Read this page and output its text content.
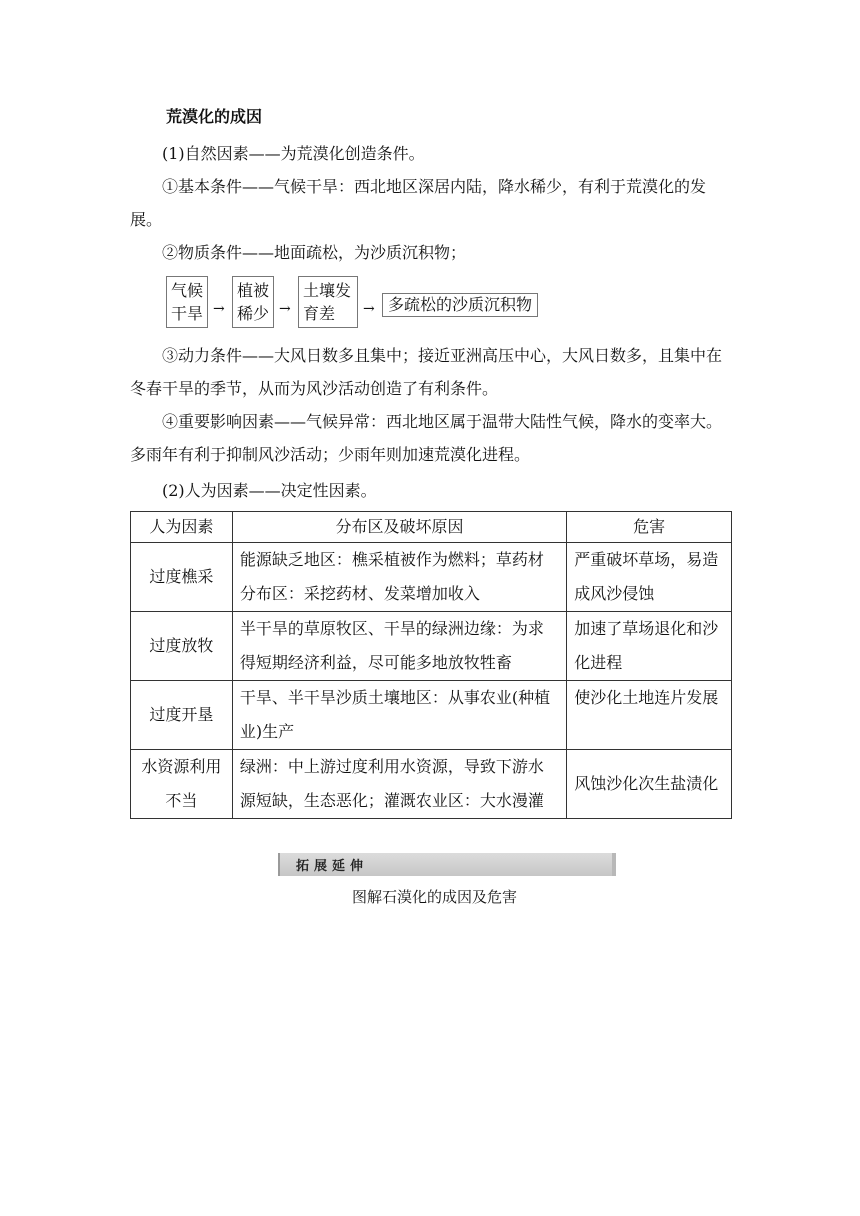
荒漠化的成因
(1)自然因素——为荒漠化创造条件。
①基本条件——气候干旱：西北地区深居内陆，降水稀少，有利于荒漠化的发展。
②物质条件——地面疏松，为沙质沉积物；
气候干旱 →
植被稀少 →
土壤发育差	→ 多疏松的沙质沉积物
③动力条件——大风日数多且集中；接近亚洲高压中心，大风日数多，且集中在冬春干旱的季节，从而为风沙活动创造了有利条件。
④重要影响因素——气候异常：西北地区属于温带大陆性气候，降水的变率大。多雨年有利于抑制风沙活动；少雨年则加速荒漠化进程。
(2)人为因素——决定性因素。
人为因素	分布区及破坏原因	危害
过度樵采	能源缺乏地区：樵采植被作为燃料；草药材分布区：采挖药材、发菜增加收入	严重破坏草场，易造成风沙侵蚀
过度放牧	半干旱的草原牧区、干旱的绿洲边缘：为求得短期经济利益，尽可能多地放牧牲畜	加速了草场退化和沙化进程
过度开垦	干旱、半干旱沙质土壤地区：从事农业(种植业)生产	使沙化土地连片发展
水资源利用不当	绿洲：中上游过度利用水资源，导致下游水源短缺，生态恶化；灌溉农业区：大水漫灌	风蚀沙化次生盐渍化
拓展延伸
图解石漠化的成因及危害
